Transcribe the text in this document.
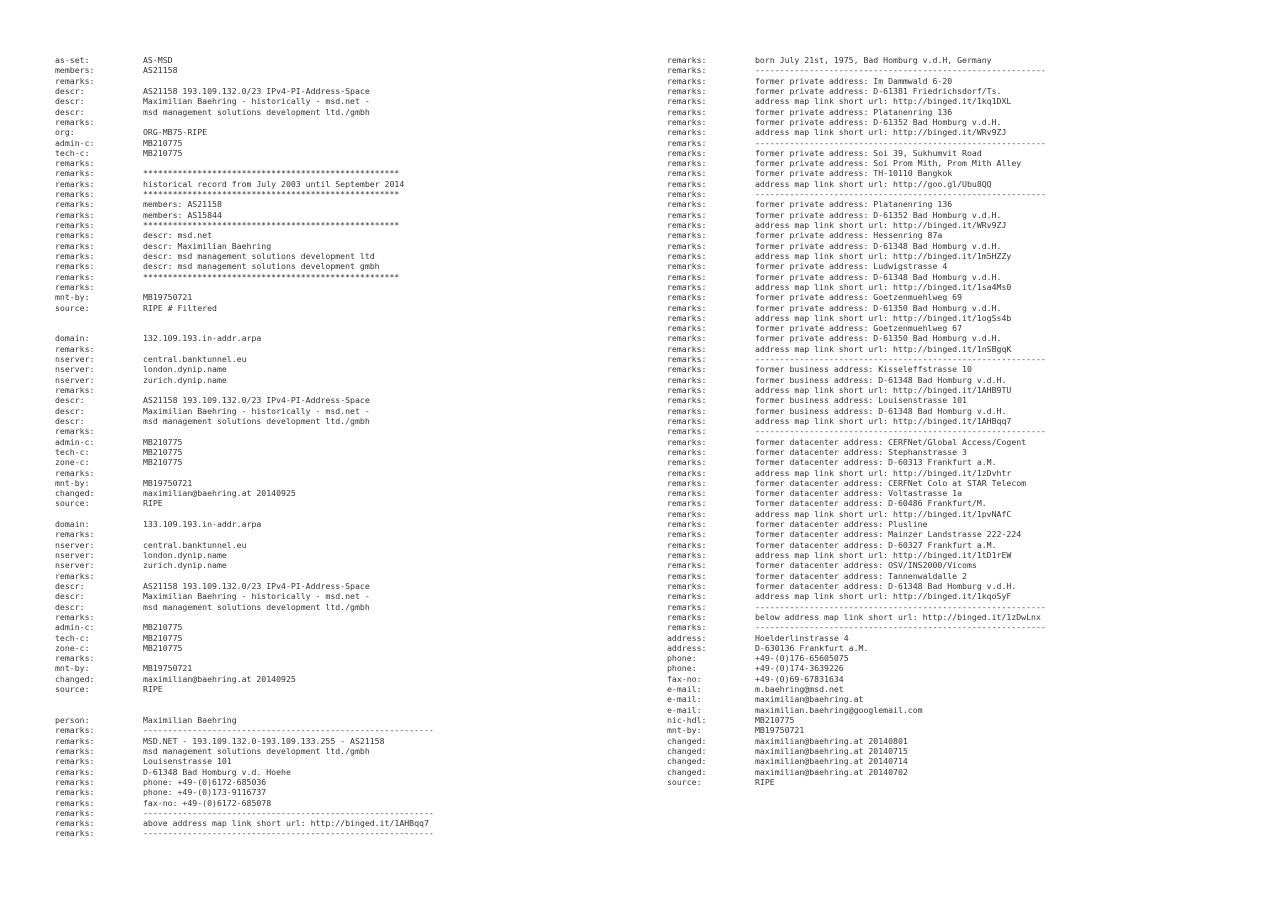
as-set:	AS-MSD
members:	AS21158
remarks:
descr:	AS21158 193.109.132.0/23 IPv4-PI-Address-Space
descr:	Maximilian Baehring - historically - msd.net -
descr:	msd management solutions development ltd./gmbh
remarks:
org:	ORG-MB75-RIPE
admin-c:	MB210775
tech-c:	MB210775
remarks:
remarks:	****************************************************
remarks:	historical record from July 2003 until September 2014
remarks:	****************************************************
remarks:	members: AS21158
remarks:	members: AS15844
remarks:	****************************************************
remarks:	descr: msd.net
remarks:	descr: Maximilian Baehring
remarks:	descr: msd management solutions development ltd
remarks:	descr: msd management solutions development gmbh
remarks:	****************************************************
remarks:
mnt-by:	MB19750721
source:	RIPE # Filtered
domain:	132.109.193.in-addr.arpa
remarks:
nserver:	central.banktunnel.eu
nserver:	london.dynip.name
nserver:	zurich.dynip.name
remarks:
descr:	AS21158 193.109.132.0/23 IPv4-PI-Address-Space
descr:	Maximilian Baehring - historically - msd.net -
descr:	msd management solutions development ltd./gmbh
remarks:
admin-c:	MB210775
tech-c:	MB210775
zone-c:	MB210775
remarks:
mnt-by:	MB19750721
changed:	maximilian@baehring.at 20140925
source:	RIPE
domain:	133.109.193.in-addr.arpa
remarks:
nserver:	central.banktunnel.eu
nserver:	london.dynip.name
nserver:	zurich.dynip.name
remarks:
descr:	AS21158 193.109.132.0/23 IPv4-PI-Address-Space
descr:	Maximilian Baehring - historically - msd.net -
descr:	msd management solutions development ltd./gmbh
remarks:
admin-c:	MB210775
tech-c:	MB210775
zone-c:	MB210775
remarks:
mnt-by:	MB19750721
changed:	maximilian@baehring.at 20140925
source:	RIPE
person:	Maximilian Baehring
remarks:	-----------------------------------------------------------
remarks:	MSD.NET - 193.109.132.0-193.109.133.255 - AS21158
remarks:	msd management solutions development ltd./gmbh
remarks:	Louisenstrasse 101
remarks:	D-61348 Bad Homburg v.d. Hoehe
remarks:	phone: +49-(0)6172-685036
remarks:	phone: +49-(0)173-9116737
remarks:	fax-no: +49-(0)6172-685078
remarks:	-----------------------------------------------------------
remarks:	above address map link short url: http://binged.it/1AHBqq7
remarks:	-----------------------------------------------------------
remarks:	born July 21st, 1975, Bad Homburg v.d.H, Germany
remarks:	-----------------------------------------------------------
remarks:	former private address: Im Dammwald 6-20
remarks:	former private address: D-61381 Friedrichsdorf/Ts.
remarks:	address map link short url: http://binged.it/1kq1DXL
remarks:	former private address: Platanenring 136
remarks:	former private address: D-61352 Bad Homburg v.d.H.
remarks:	address map link short url: http://binged.it/WRv9ZJ
remarks:	-----------------------------------------------------------
remarks:	former private address: Soi 39, Sukhumvit Road
remarks:	former private address: Soi Prom Mith, Prom Mith Alley
remarks:	former private address: TH-10110 Bangkok
remarks:	address map link short url: http://goo.gl/Ubu8QQ
remarks:	-----------------------------------------------------------
remarks:	former private address: Platanenring 136
remarks:	former private address: D-61352 Bad Homburg v.d.H.
remarks:	address map link short url: http://binged.it/WRv9ZJ
remarks:	former private address: Hessenring 87a
remarks:	former private address: D-61348 Bad Homburg v.d.H.
remarks:	address map link short url: http://binged.it/1m5HZZy
remarks:	former private address: Ludwigstrasse 4
remarks:	former private address: D-61348 Bad Homburg v.d.H.
remarks:	address map link short url: http://binged.it/1sa4Ms0
remarks:	former private address: Goetzenmuehlweg 69
remarks:	former private address: D-61350 Bad Homburg v.d.H.
remarks:	address map link short url: http://binged.it/1ogSs4b
remarks:	former private address: Goetzenmuehlweg 67
remarks:	former private address: D-61350 Bad Homburg v.d.H.
remarks:	address map link short url: http://binged.it/1nSBgqK
remarks:	-----------------------------------------------------------
remarks:	former business address: Kisseleffstrasse 10
remarks:	former business address: D-61348 Bad Homburg v.d.H.
remarks:	address map link short url: http://binged.it/1AHB9TU
remarks:	former business address: Louisenstrasse 101
remarks:	former business address: D-61348 Bad Homburg v.d.H.
remarks:	address map link short url: http://binged.it/1AHBqq7
remarks:	-----------------------------------------------------------
remarks:	former datacenter address: CERFNet/Global Access/Cogent
remarks:	former datacenter address: Stephanstrasse 3
remarks:	former datacenter address: D-60313 Frankfurt a.M.
remarks:	address map link short url: http://binged.it/1zDvhtr
remarks:	former datacenter address: CERFNet Colo at STAR Telecom
remarks:	former datacenter address: Voltastrasse 1a
remarks:	former datacenter address: D-60486 Frankfurt/M.
remarks:	address map link short url: http://binged.it/1pvNAfC
remarks:	former datacenter address: Plusline
remarks:	former datacenter address: Mainzer Landstrasse 222-224
remarks:	former datacenter address: D-60327 Frankfurt a.M.
remarks:	address map link short url: http://binged.it/1tD1rEW
remarks:	former datacenter address: OSV/INS2000/Vicoms
remarks:	former datacenter address: Tannenwaldalle 2
remarks:	former datacenter address: D-61348 Bad Homburg v.d.H.
remarks:	address map link short url: http://binged.it/1kqoSyF
remarks:	-----------------------------------------------------------
remarks:	below address map link short url: http://binged.it/1zDwLnx
remarks:	-----------------------------------------------------------
address:	Hoelderlinstrasse 4
address:	D-630136 Frankfurt a.M.
phone:	+49-(0)176-65605075
phone:	+49-(0)174-3639226
fax-no:	+49-(0)69-67831634
e-mail:	m.baehring@msd.net
e-mail:	maximilian@baehring.at
e-mail:	maximilian.baehring@googlemail.com
nic-hdl:	MB210775
mnt-by:	MB19750721
changed:	maximilian@baehring.at 20140801
changed:	maximilian@baehring.at 20140715
changed:	maximilian@baehring.at 20140714
changed:	maximilian@baehring.at 20140702
source:	RIPE
